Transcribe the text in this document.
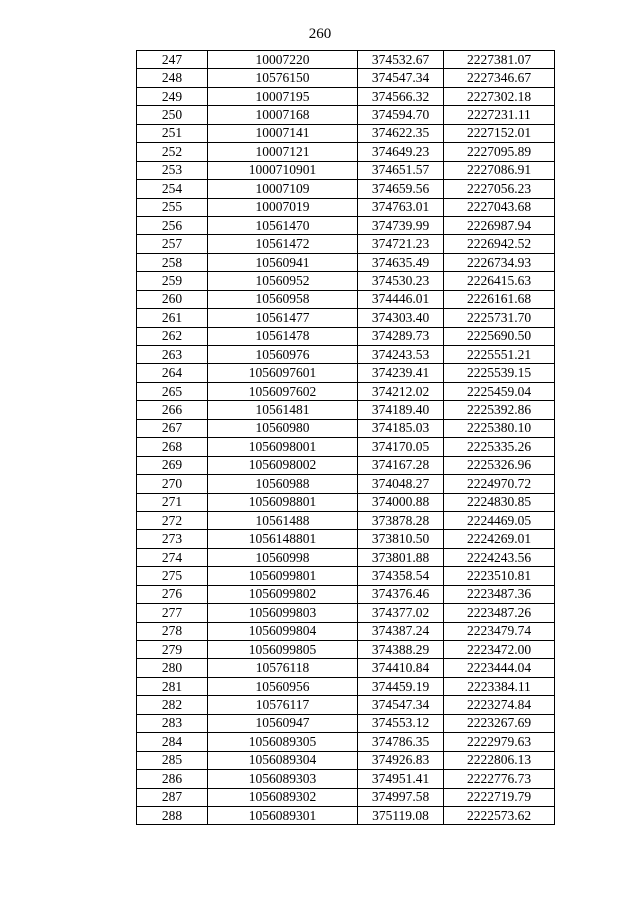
260
247	10007220	374532.67	2227381.07
248	10576150	374547.34	2227346.67
249	10007195	374566.32	2227302.18
250	10007168	374594.70	2227231.11
251	10007141	374622.35	2227152.01
252	10007121	374649.23	2227095.89
253	1000710901	374651.57	2227086.91
254	10007109	374659.56	2227056.23
255	10007019	374763.01	2227043.68
256	10561470	374739.99	2226987.94
257	10561472	374721.23	2226942.52
258	10560941	374635.49	2226734.93
259	10560952	374530.23	2226415.63
260	10560958	374446.01	2226161.68
261	10561477	374303.40	2225731.70
262	10561478	374289.73	2225690.50
263	10560976	374243.53	2225551.21
264	1056097601	374239.41	2225539.15
265	1056097602	374212.02	2225459.04
266	10561481	374189.40	2225392.86
267	10560980	374185.03	2225380.10
268	1056098001	374170.05	2225335.26
269	1056098002	374167.28	2225326.96
270	10560988	374048.27	2224970.72
271	1056098801	374000.88	2224830.85
272	10561488	373878.28	2224469.05
273	1056148801	373810.50	2224269.01
274	10560998	373801.88	2224243.56
275	1056099801	374358.54	2223510.81
276	1056099802	374376.46	2223487.36
277	1056099803	374377.02	2223487.26
278	1056099804	374387.24	2223479.74
279	1056099805	374388.29	2223472.00
280	10576118	374410.84	2223444.04
281	10560956	374459.19	2223384.11
282	10576117	374547.34	2223274.84
283	10560947	374553.12	2223267.69
284	1056089305	374786.35	2222979.63
285	1056089304	374926.83	2222806.13
286	1056089303	374951.41	2222776.73
287	1056089302	374997.58	2222719.79
288	1056089301	375119.08	2222573.62
